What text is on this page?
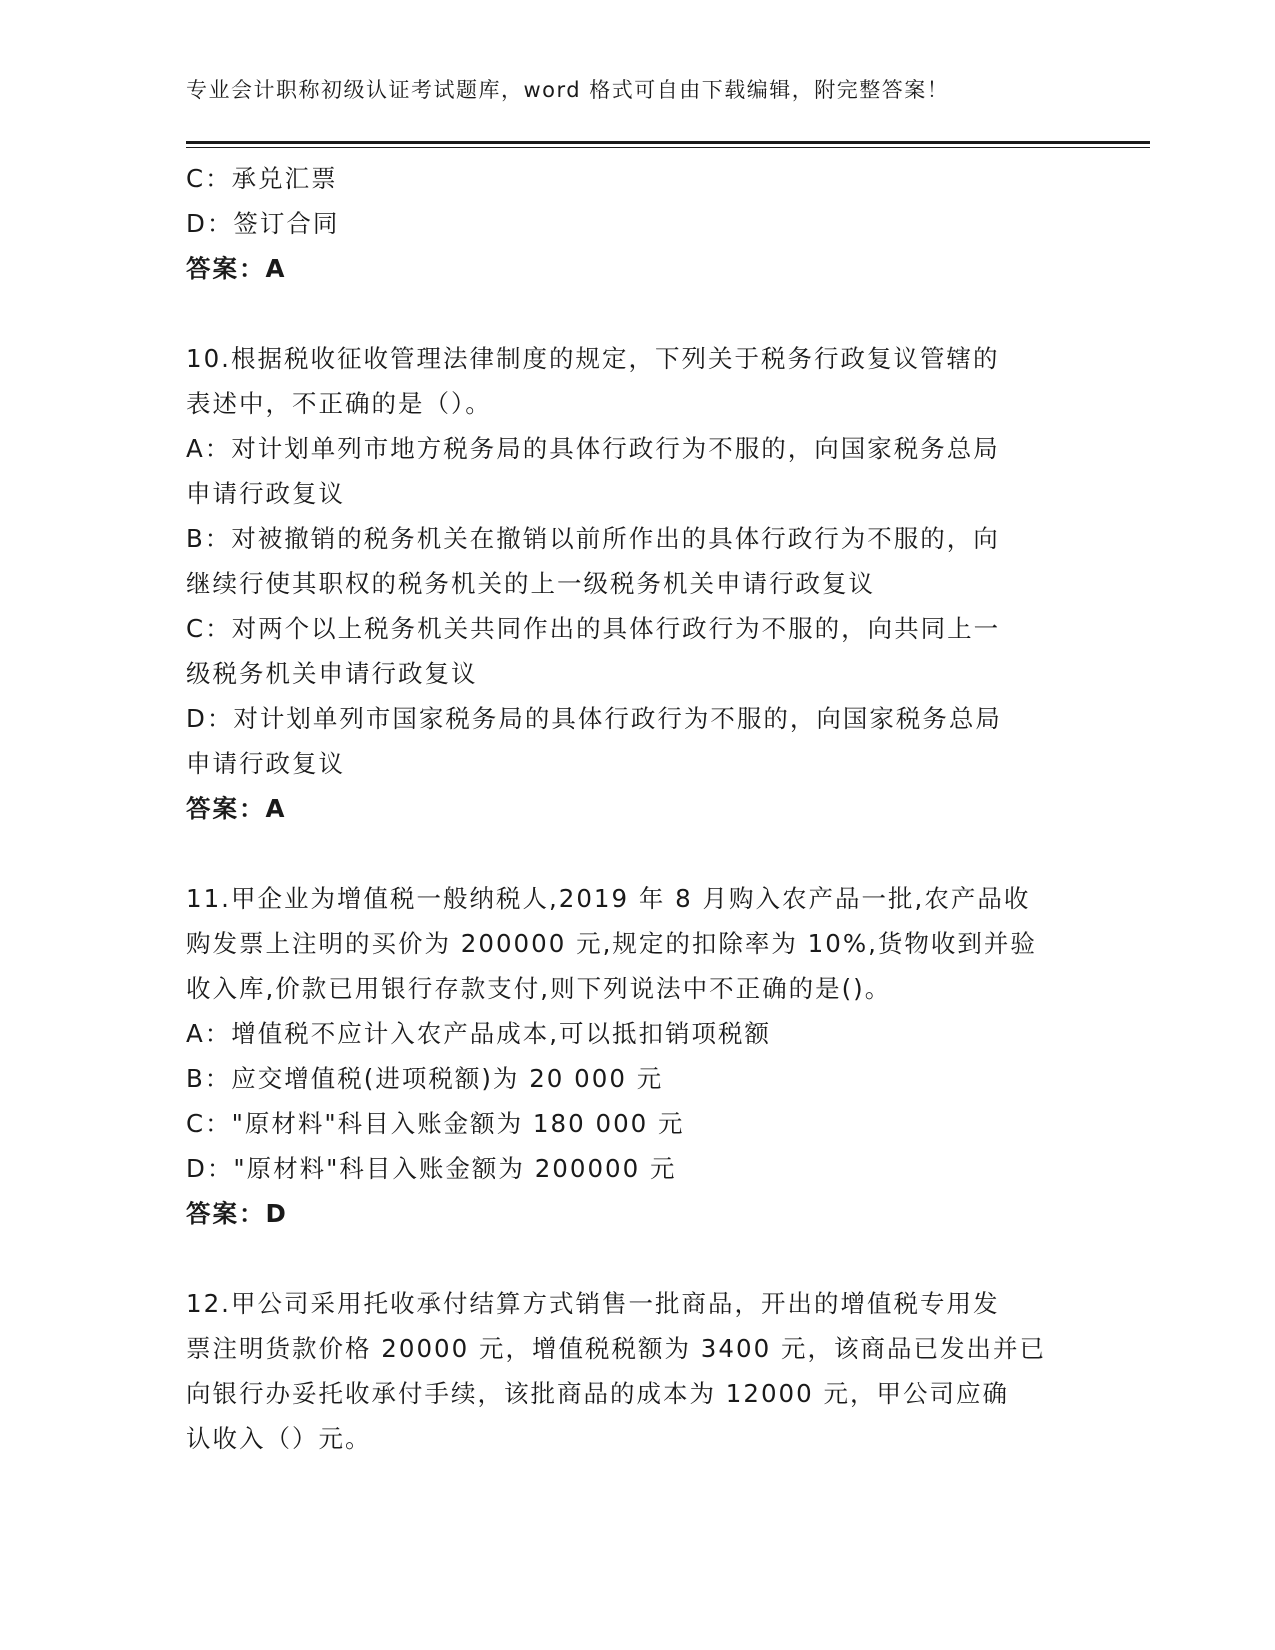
专业会计职称初级认证考试题库，word 格式可自由下载编辑，附完整答案！
C：承兑汇票
D：签订合同
答案：A
10.根据税收征收管理法律制度的规定，下列关于税务行政复议管辖的
表述中，不正确的是（）。
A：对计划单列市地方税务局的具体行政行为不服的，向国家税务总局
申请行政复议
B：对被撤销的税务机关在撤销以前所作出的具体行政行为不服的，向
继续行使其职权的税务机关的上一级税务机关申请行政复议
C：对两个以上税务机关共同作出的具体行政行为不服的，向共同上一
级税务机关申请行政复议
D：对计划单列市国家税务局的具体行政行为不服的，向国家税务总局
申请行政复议
答案：A
11.甲企业为增值税一般纳税人,2019 年 8 月购入农产品一批,农产品收
购发票上注明的买价为 200000 元,规定的扣除率为 10%,货物收到并验
收入库,价款已用银行存款支付,则下列说法中不正确的是()。
A：增值税不应计入农产品成本,可以抵扣销项税额
B：应交增值税(进项税额)为 20 000 元
C："原材料"科目入账金额为 180 000 元
D："原材料"科目入账金额为 200000 元
答案：D
12.甲公司采用托收承付结算方式销售一批商品，开出的增值税专用发
票注明货款价格 20000 元，增值税税额为 3400 元，该商品已发出并已
向银行办妥托收承付手续，该批商品的成本为 12000 元，甲公司应确
认收入（）元。
